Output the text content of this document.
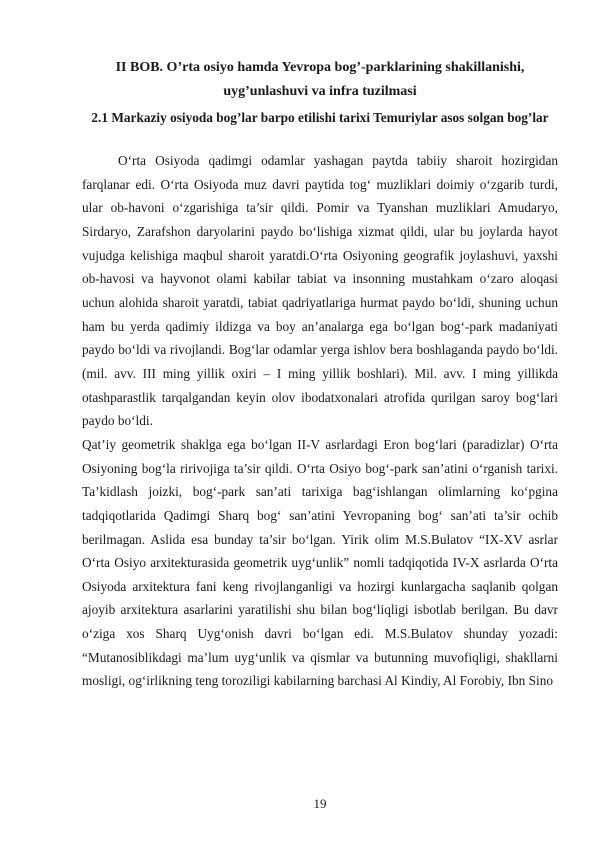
II BOB. O’rta osiyo hamda Yevropa bog’-parklarining shakillanishi, uyg’unlashuvi va infra tuzilmasi
2.1 Markaziy osiyoda bog’lar barpo etilishi tarixi Temuriylar asos solgan bog’lar

O‘rta Osiyoda qadimgi odamlar yashagan paytda tabiiy sharoit hozirgidan farqlanar edi. O‘rta Osiyoda muz davri paytida tog‘ muzliklari doimiy o‘zgarib turdi, ular ob-havoni o‘zgarishiga ta’sir qildi. Pomir va Tyanshan muzliklari Amudaryo, Sirdaryo, Zarafshon daryolarini paydo bo‘lishiga xizmat qildi, ular bu joylarda hayot vujudga kelishiga maqbul sharoit yaratdi.O‘rta Osiyoning geografik joylashuvi, yaxshi ob-havosi va hayvonot olami kabilar tabiat va insonning mustahkam o‘zaro aloqasi uchun alohida sharoit yaratdi, tabiat qadriyatlariga hurmat paydo bo‘ldi, shuning uchun ham bu yerda qadimiy ildizga va boy an’analarga ega bo‘lgan bog‘-park madaniyati paydo bo‘ldi va rivojlandi. Bog‘lar odamlar yerga ishlov bera boshlaganda paydo bo‘ldi.(mil. avv. III ming yillik oxiri – I ming yillik boshlari). Mil. avv. I ming yillikda otashparastlik tarqalgandan keyin olov ibodatxonalari atrofida qurilgan saroy bog‘lari paydo bo‘ldi.

Qat’iy geometrik shaklga ega bo‘lgan II-V asrlardagi Eron bog‘lari (paradizlar) O‘rta Osiyoning bog‘la ririvojiga ta’sir qildi. O‘rta Osiyo bog‘-park san’atini o‘rganish tarixi. Ta’kidlash joizki, bog‘-park san’ati tarixiga bag‘ishlangan olimlarning ko‘pgina tadqiqotlarida Qadimgi Sharq bog‘ san’atini Yevropaning bog‘ san’ati ta’sir ochib berilmagan. Aslida esa bunday ta’sir bo‘lgan. Yirik olim M.S.Bulatov “IX-XV asrlar O‘rta Osiyo arxitekturasida geometrik uyg‘unlik” nomli tadqiqotida IV-X asrlarda O‘rta Osiyoda arxitektura fani keng rivojlanganligi va hozirgi kunlargacha saqlanib qolgan ajoyib arxitektura asarlarini yaratilishi shu bilan bog‘liqligi isbotlab berilgan. Bu davr o‘ziga xos Sharq Uyg‘onish davri bo‘lgan edi. M.S.Bulatov shunday yozadi: “Mutanosiblikdagi ma’lum uyg‘unlik va qismlar va butunning muvofiqligi, shakllarni mosligi, og‘irlikning teng toroziligi kabilarning barchasi Al Kindiy, Al Forobiy, Ibn Sino

19
